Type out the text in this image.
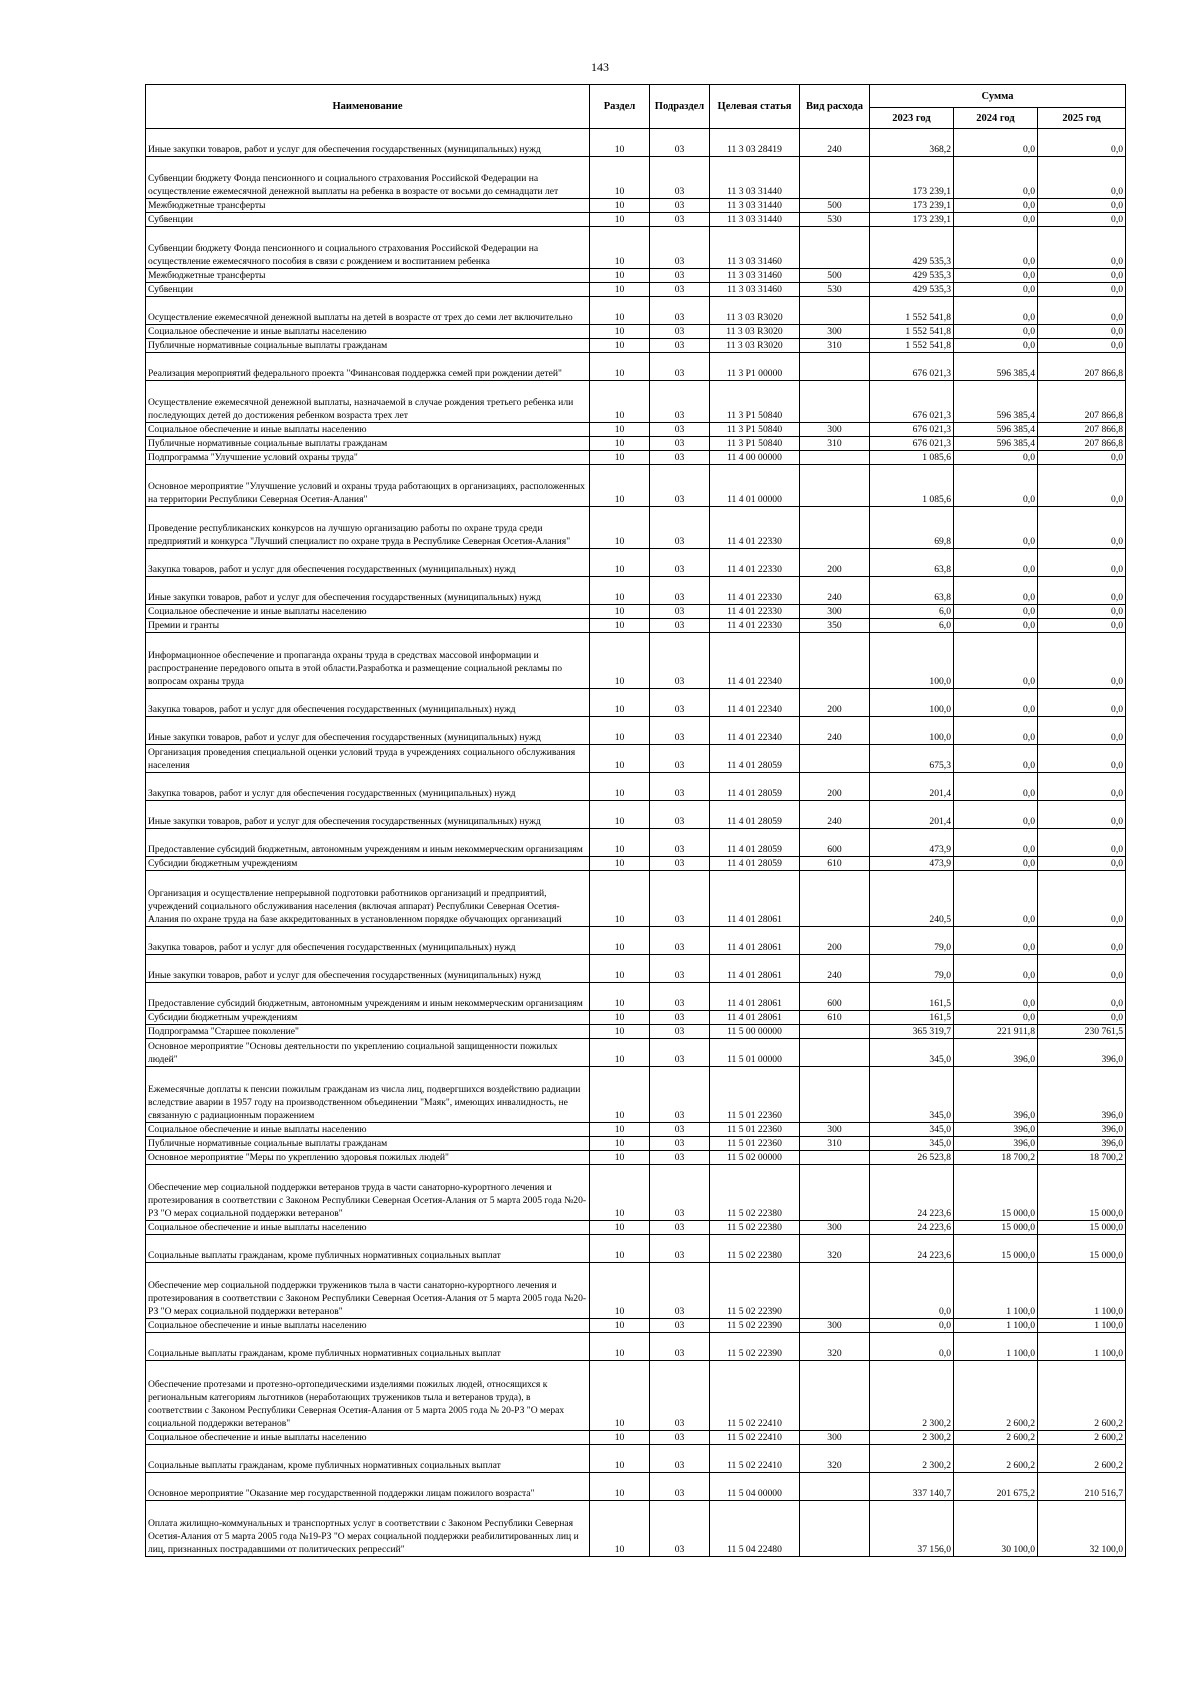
143
Наименование	Раздел	Подраздел	Целевая статья	Вид расхода	Сумма		
					2023 год	2024 год	2025 год
Иные закупки товаров, работ и услуг для обеспечения государственных (муниципальных) нужд	10	03	11 3 03 28419	240	368,2	0,0	0,0
Субвенции бюджету Фонда пенсионного и социального страхования Российской Федерации на осуществление ежемесячной денежной выплаты на ребенка в возрасте от восьми до семнадцати лет	10	03	11 3 03 31440		173 239,1	0,0	0,0
Межбюджетные трансферты	10	03	11 3 03 31440	500	173 239,1	0,0	0,0
Субвенции	10	03	11 3 03 31440	530	173 239,1	0,0	0,0
Субвенции бюджету Фонда пенсионного и социального страхования Российской Федерации на осуществление ежемесячного пособия в связи с рождением и воспитанием ребенка	10	03	11 3 03 31460		429 535,3	0,0	0,0
Межбюджетные трансферты	10	03	11 3 03 31460	500	429 535,3	0,0	0,0
Субвенции	10	03	11 3 03 31460	530	429 535,3	0,0	0,0
Осуществление ежемесячной денежной выплаты на детей в возрасте от трех до семи лет включительно	10	03	11 3 03 R3020		1 552 541,8	0,0	0,0
Социальное обеспечение и иные выплаты населению	10	03	11 3 03 R3020	300	1 552 541,8	0,0	0,0
Публичные нормативные социальные выплаты гражданам	10	03	11 3 03 R3020	310	1 552 541,8	0,0	0,0
Реализация мероприятий федерального проекта "Финансовая поддержка семей при рождении детей"	10	03	11 3 P1 00000		676 021,3	596 385,4	207 866,8
Осуществление ежемесячной денежной выплаты, назначаемой в случае рождения третьего ребенка или последующих детей до достижения ребенком возраста трех лет	10	03	11 3 P1 50840		676 021,3	596 385,4	207 866,8
Социальное обеспечение и иные выплаты населению	10	03	11 3 P1 50840	300	676 021,3	596 385,4	207 866,8
Публичные нормативные социальные выплаты гражданам	10	03	11 3 P1 50840	310	676 021,3	596 385,4	207 866,8
Подпрограмма "Улучшение условий охраны труда"	10	03	11 4 00 00000		1 085,6	0,0	0,0
Основное мероприятие "Улучшение условий и охраны труда работающих в организациях, расположенных на территории Республики Северная Осетия-Алания"	10	03	11 4 01 00000		1 085,6	0,0	0,0
Проведение республиканских конкурсов на лучшую организацию работы по охране труда среди предприятий и конкурса "Лучший специалист по охране труда в Республике Северная Осетия-Алания"	10	03	11 4 01 22330		69,8	0,0	0,0
Закупка товаров, работ и услуг для обеспечения государственных (муниципальных) нужд	10	03	11 4 01 22330	200	63,8	0,0	0,0
Иные закупки товаров, работ и услуг для обеспечения государственных (муниципальных) нужд	10	03	11 4 01 22330	240	63,8	0,0	0,0
Социальное обеспечение и иные выплаты населению	10	03	11 4 01 22330	300	6,0	0,0	0,0
Премии и гранты	10	03	11 4 01 22330	350	6,0	0,0	0,0
Информационное обеспечение и пропаганда охраны труда в средствах массовой информации и распространение передового опыта в этой области.Разработка и размещение социальной рекламы по вопросам охраны труда	10	03	11 4 01 22340		100,0	0,0	0,0
Закупка товаров, работ и услуг для обеспечения государственных (муниципальных) нужд	10	03	11 4 01 22340	200	100,0	0,0	0,0
Иные закупки товаров, работ и услуг для обеспечения государственных (муниципальных) нужд	10	03	11 4 01 22340	240	100,0	0,0	0,0
Организация проведения специальной оценки условий труда в учреждениях социального обслуживания населения	10	03	11 4 01 28059		675,3	0,0	0,0
Закупка товаров, работ и услуг для обеспечения государственных (муниципальных) нужд	10	03	11 4 01 28059	200	201,4	0,0	0,0
Иные закупки товаров, работ и услуг для обеспечения государственных (муниципальных) нужд	10	03	11 4 01 28059	240	201,4	0,0	0,0
Предоставление субсидий бюджетным, автономным учреждениям и иным некоммерческим организациям	10	03	11 4 01 28059	600	473,9	0,0	0,0
Субсидии бюджетным учреждениям	10	03	11 4 01 28059	610	473,9	0,0	0,0
Организация и осуществление непрерывной подготовки работников организаций и предприятий, учреждений социального обслуживания населения (включая аппарат) Республики Северная Осетия-Алания по охране труда на базе аккредитованных в установленном порядке обучающих организаций	10	03	11 4 01 28061		240,5	0,0	0,0
Закупка товаров, работ и услуг для обеспечения государственных (муниципальных) нужд	10	03	11 4 01 28061	200	79,0	0,0	0,0
Иные закупки товаров, работ и услуг для обеспечения государственных (муниципальных) нужд	10	03	11 4 01 28061	240	79,0	0,0	0,0
Предоставление субсидий бюджетным, автономным учреждениям и иным некоммерческим организациям	10	03	11 4 01 28061	600	161,5	0,0	0,0
Субсидии бюджетным учреждениям	10	03	11 4 01 28061	610	161,5	0,0	0,0
Подпрограмма "Старшее поколение"	10	03	11 5 00 00000		365 319,7	221 911,8	230 761,5
Основное мероприятие "Основы деятельности по укреплению социальной защищенности пожилых людей"	10	03	11 5 01 00000		345,0	396,0	396,0
Ежемесячные доплаты к пенсии пожилым гражданам из числа лиц, подвергшихся воздействию радиации вследствие аварии в 1957 году на производственном объединении "Маяк", имеющих инвалидность, не связанную с радиационным поражением	10	03	11 5 01 22360		345,0	396,0	396,0
Социальное обеспечение и иные выплаты населению	10	03	11 5 01 22360	300	345,0	396,0	396,0
Публичные нормативные социальные выплаты гражданам	10	03	11 5 01 22360	310	345,0	396,0	396,0
Основное мероприятие "Меры по укреплению здоровья пожилых людей"	10	03	11 5 02 00000		26 523,8	18 700,2	18 700,2
Обеспечение мер социальной поддержки ветеранов труда в части санаторно-курортного лечения и протезирования в соответствии с Законом Республики Северная Осетия-Алания от 5 марта 2005 года №20-РЗ "О мерах социальной поддержки ветеранов"	10	03	11 5 02 22380		24 223,6	15 000,0	15 000,0
Социальное обеспечение и иные выплаты населению	10	03	11 5 02 22380	300	24 223,6	15 000,0	15 000,0
Социальные выплаты гражданам, кроме публичных нормативных социальных выплат	10	03	11 5 02 22380	320	24 223,6	15 000,0	15 000,0
Обеспечение мер социальной поддержки тружеников тыла в части санаторно-курортного лечения и протезирования в соответствии с Законом Республики Северная Осетия-Алания от 5 марта 2005 года №20-РЗ "О мерах социальной поддержки ветеранов"	10	03	11 5 02 22390		0,0	1 100,0	1 100,0
Социальное обеспечение и иные выплаты населению	10	03	11 5 02 22390	300	0,0	1 100,0	1 100,0
Социальные выплаты гражданам, кроме публичных нормативных социальных выплат	10	03	11 5 02 22390	320	0,0	1 100,0	1 100,0
Обеспечение протезами и протезно-ортопедическими изделиями пожилых людей, относящихся к региональным категориям льготников (неработающих тружеников тыла и ветеранов труда), в соответствии с Законом Республики Северная Осетия-Алания от 5 марта 2005 года № 20-РЗ "О мерах социальной поддержки ветеранов"	10	03	11 5 02 22410		2 300,2	2 600,2	2 600,2
Социальное обеспечение и иные выплаты населению	10	03	11 5 02 22410	300	2 300,2	2 600,2	2 600,2
Социальные выплаты гражданам, кроме публичных нормативных социальных выплат	10	03	11 5 02 22410	320	2 300,2	2 600,2	2 600,2
Основное мероприятие "Оказание мер государственной поддержки лицам пожилого возраста"	10	03	11 5 04 00000		337 140,7	201 675,2	210 516,7
Оплата жилищно-коммунальных и транспортных услуг в соответствии с Законом Республики Северная Осетия-Алания от 5 марта 2005 года №19-РЗ "О мерах социальной поддержки реабилитированных лиц и лиц, признанных пострадавшими от политических репрессий"	10	03	11 5 04 22480		37 156,0	30 100,0	32 100,0
